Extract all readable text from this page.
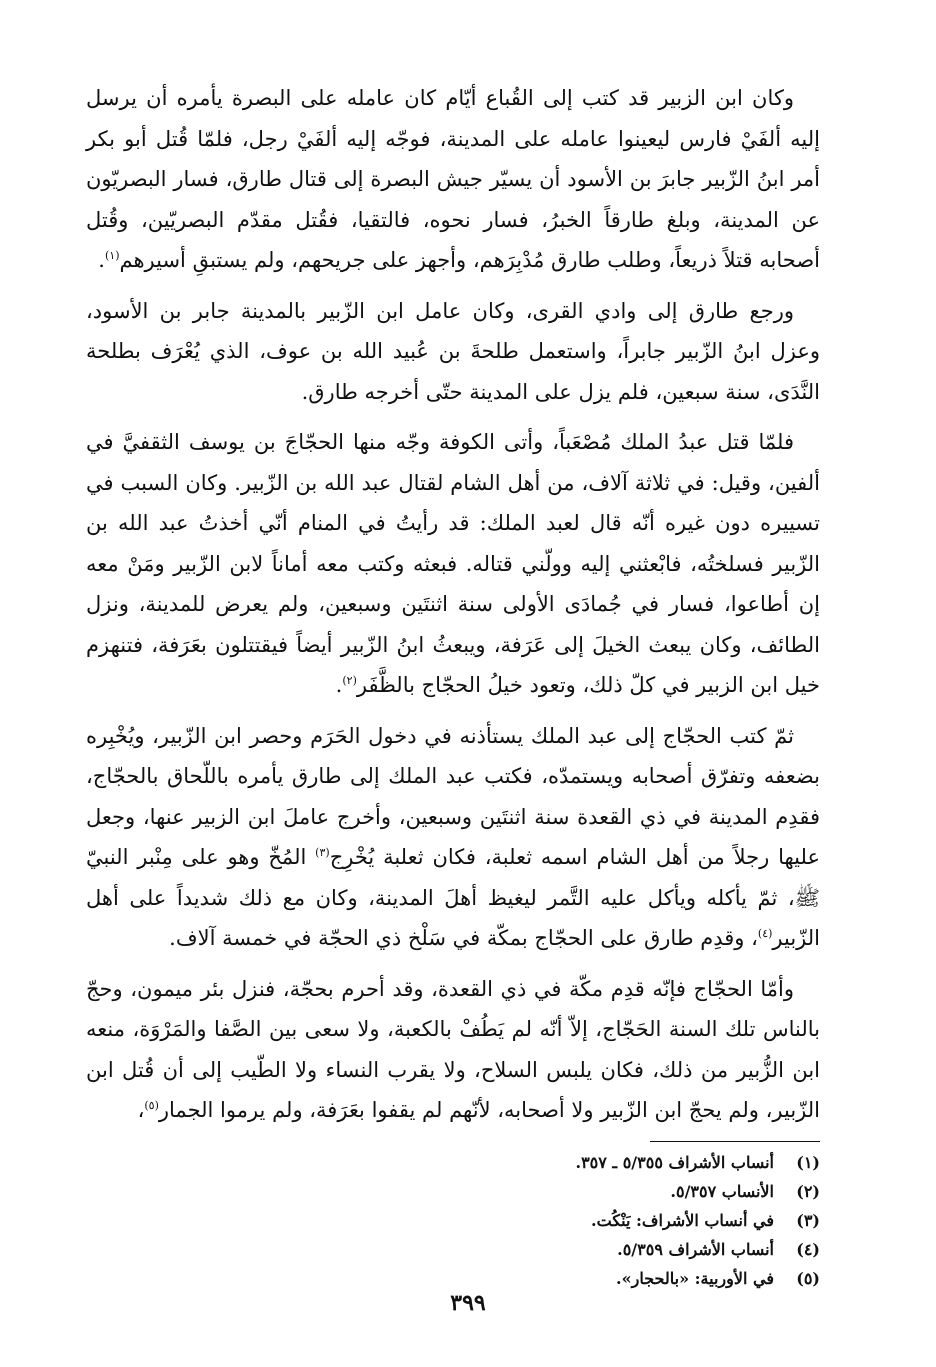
وكان ابن الزبير قد كتب إلى القُباع أيّام كان عامله على البصرة يأمره أن يرسل إليه ألفَيْ فارس ليعينوا عامله على المدينة، فوجّه إليه ألفَيْ رجل، فلمّا قُتل أبو بكر أمر ابنُ الزّبير جابرَ بن الأسود أن يسيّر جيش البصرة إلى قتال طارق، فسار البصريّون عن المدينة، وبلغ طارقاً الخبرُ، فسار نحوه، فالتقيا، فقُتل مقدّم البصريّين، وقُتل أصحابه قتلاً ذريعاً، وطلب طارق مُدْبِرَهم، وأجهز على جريحهم، ولم يستبقِ أسيرهم$^{(١)}$.

ورجع طارق إلى وادي القرى، وكان عامل ابن الزّبير بالمدينة جابر بن الأسود، وعزل ابنُ الزّبير جابراً، واستعمل طلحةَ بن عُبيد الله بن عوف، الذي يُعْرَف بطلحة النَّدَى، سنة سبعين، فلم يزل على المدينة حتّى أخرجه طارق.

فلمّا قتل عبدُ الملك مُصْعَباً، وأتى الكوفة وجّه منها الحجّاجَ بن يوسف الثقفيَّ في ألفين، وقيل: في ثلاثة آلاف، من أهل الشام لقتال عبد الله بن الزّبير. وكان السبب في تسييره دون غيره أنّه قال لعبد الملك: قد رأيتُ في المنام أنّي أخذتُ عبد الله بن الزّبير فسلختُه، فابْعثني إليه وولّني قتاله. فبعثه وكتب معه أماناً لابن الزّبير ومَنْ معه إن أطاعوا، فسار في جُمادَى الأولى سنة اثنتَين وسبعين، ولم يعرض للمدينة، ونزل الطائف، وكان يبعث الخيلَ إلى عَرَفة، ويبعثُ ابنُ الزّبير أيضاً فيقتتلون بعَرَفة، فتنهزم خيل ابن الزبير في كلّ ذلك، وتعود خيلُ الحجّاج بالظَّفَر$^{(٢)}$.

ثمّ كتب الحجّاج إلى عبد الملك يستأذنه في دخول الحَرَم وحصر ابن الزّبير، ويُخْبِره بضعفه وتفرّق أصحابه ويستمدّه، فكتب عبد الملك إلى طارق يأمره باللّحاق بالحجّاج، فقدِم المدينة في ذي القعدة سنة اثنتَين وسبعين، وأخرج عاملَ ابن الزبير عنها، وجعل عليها رجلاً من أهل الشام اسمه ثعلبة، فكان ثعلبة يُخْرِج$^{(٣)}$ المُخّ وهو على مِنْبر النبيّ ﷺ، ثمّ يأكله ويأكل عليه التَّمر ليغيظ أهلَ المدينة، وكان مع ذلك شديداً على أهل الزّبير$^{(٤)}$، وقدِم طارق على الحجّاج بمكّة في سَلْخ ذي الحجّة في خمسة آلاف.

وأمّا الحجّاج فإنّه قدِم مكّة في ذي القعدة، وقد أحرم بحجّة، فنزل بئر ميمون، وحجّ بالناس تلك السنة الحَجّاج، إلاّ أنّه لم يَطُفْ بالكعبة، ولا سعى بين الصَّفا والمَرْوَة، منعه ابن الزُّبير من ذلك، فكان يلبس السلاح، ولا يقرب النساء ولا الطّيب إلى أن قُتل ابن الزّبير، ولم يحجّ ابن الزّبير ولا أصحابه، لأنّهم لم يقفوا بعَرَفة، ولم يرموا الجمار$^{(٥)}$،

(١)
أنساب الأشراف ٥/٣٥٥ ـ ٣٥٧.
(٢)
الأنساب ٥/٣٥٧.
(٣)
في أنساب الأشراف: يَنْكُت.
(٤)
أنساب الأشراف ٥/٣٥٩.
(٥)
في الأوربية: «بالحجار».
٣٩٩
